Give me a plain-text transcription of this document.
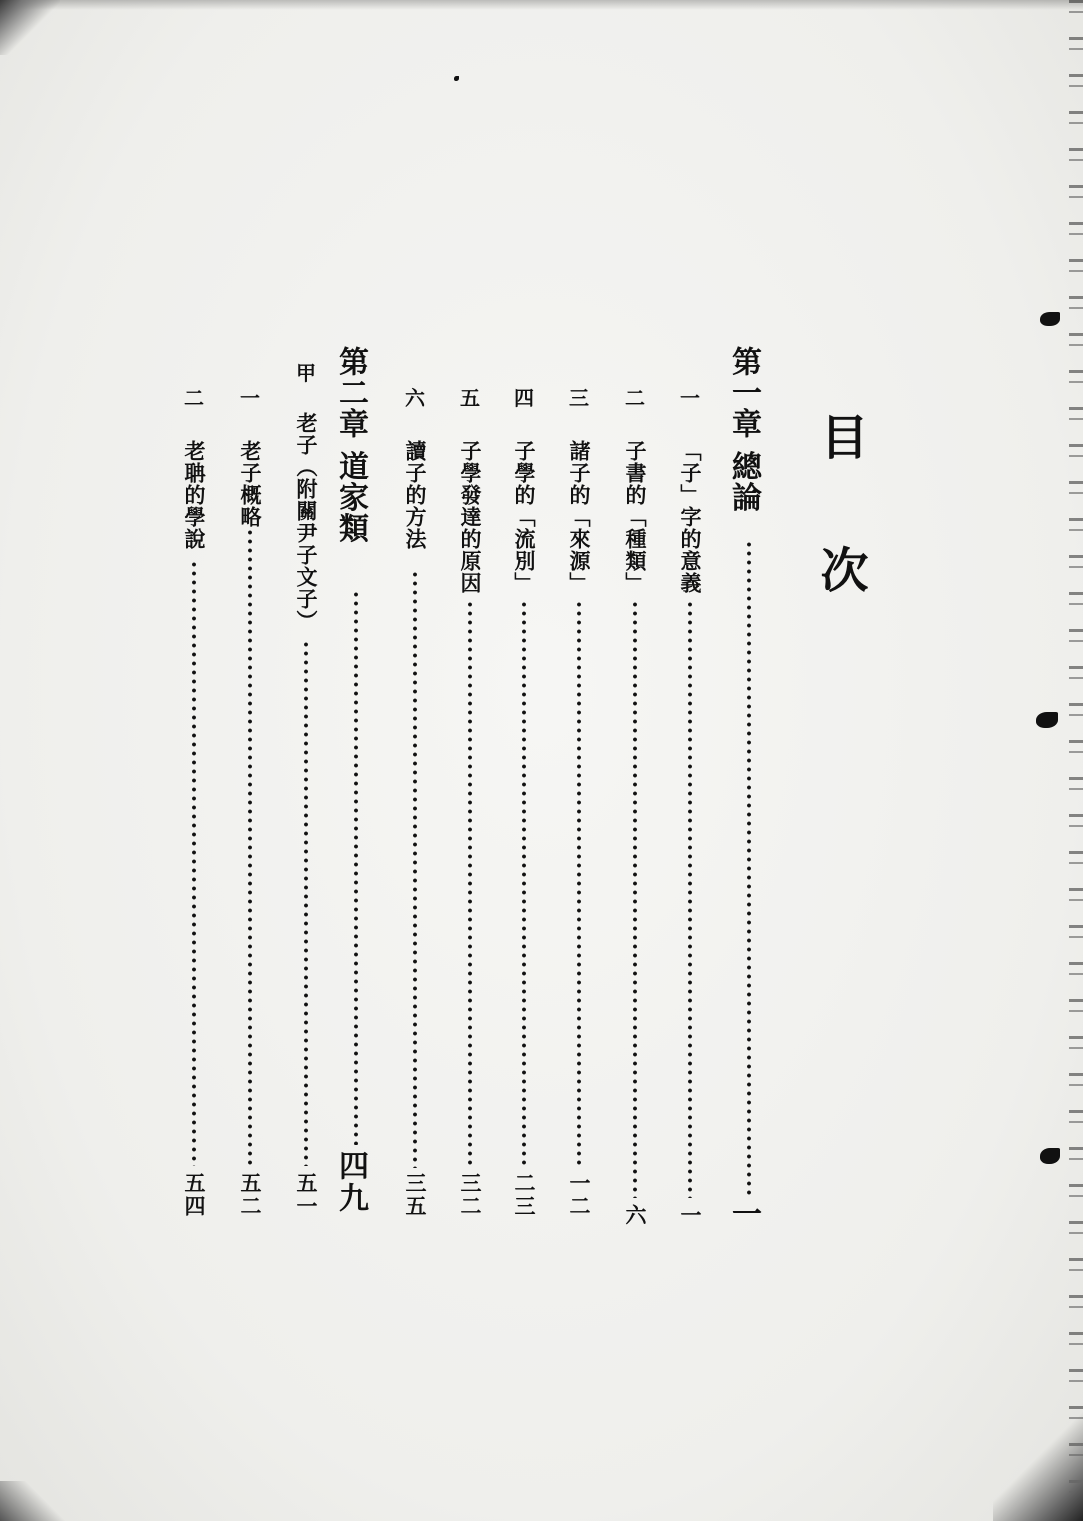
目 次
第一章 總論
一
一
「子」字的意義
一
二
子書的「種類」
六
三
諸子的「來源」
一二
四
子學的「流別」
二三
五
子學發達的原因
三二
六
讀子的方法
三五
第二章 道家類
四九
甲
老子（附關尹子文子）
五一
一
老子概略
五二
二
老聃的學說
五四
